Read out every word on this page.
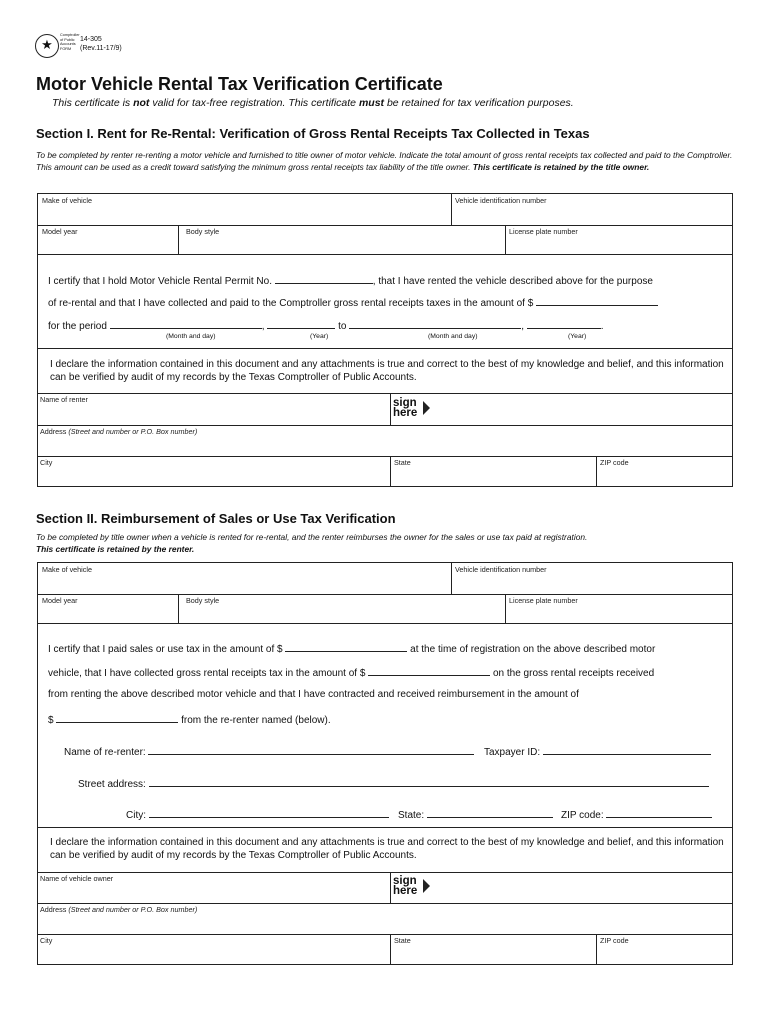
★
Comptroller
of Public
Accounts
FORM
14-305
(Rev.11-17/9)
Motor Vehicle Rental Tax Verification Certificate
This certificate is not valid for tax-free registration. This certificate must be retained for tax verification purposes.
Section I. Rent for Re-Rental: Verification of Gross Rental Receipts Tax Collected in Texas
To be completed by renter re-renting a motor vehicle and furnished to title owner of motor vehicle. Indicate the total amount of gross rental receipts tax collected and paid to the Comptroller. This amount can be used as a credit toward satisfying the minimum gross rental receipts tax liability of the title owner. This certificate is retained by the title owner.
Make of vehicle	Vehicle identification number
Model year	Body style	License plate number
I certify that I hold Motor Vehicle Rental Permit No.	, that I have rented the vehicle described above for the purpose
of re-rental and that I have collected and paid to the Comptroller gross rental receipts taxes in the amount of $
for the period	,	to	,	.
(Month and day)	(Year)	(Month and day)	(Year)
I declare the information contained in this document and any attachments is true and correct to the best of my knowledge and belief, and this information can be verified by audit of my records by the Texas Comptroller of Public Accounts.
Name of renter	sign
here
Address (Street and number or P.O. Box number)
City	State	ZIP code
Section II. Reimbursement of Sales or Use Tax Verification
To be completed by title owner when a vehicle is rented for re-rental, and the renter reimburses the owner for the sales or use tax paid at registration.
This certificate is retained by the renter.
Make of vehicle	Vehicle identification number
Model year	Body style	License plate number
I certify that I paid sales or use tax in the amount of $	at the time of registration on the above described motor
vehicle, that I have collected gross rental receipts tax in the amount of $	on the gross rental receipts received
from renting the above described motor vehicle and that I have contracted and received reimbursement in the amount of
$	from the re-renter named (below).
Name of re-renter:	Taxpayer ID:
Street address:
City:	State:	ZIP code:
I declare the information contained in this document and any attachments is true and correct to the best of my knowledge and belief, and this information can be verified by audit of my records by the Texas Comptroller of Public Accounts.
Name of vehicle owner	sign
here
Address (Street and number or P.O. Box number)
City	State	ZIP code
